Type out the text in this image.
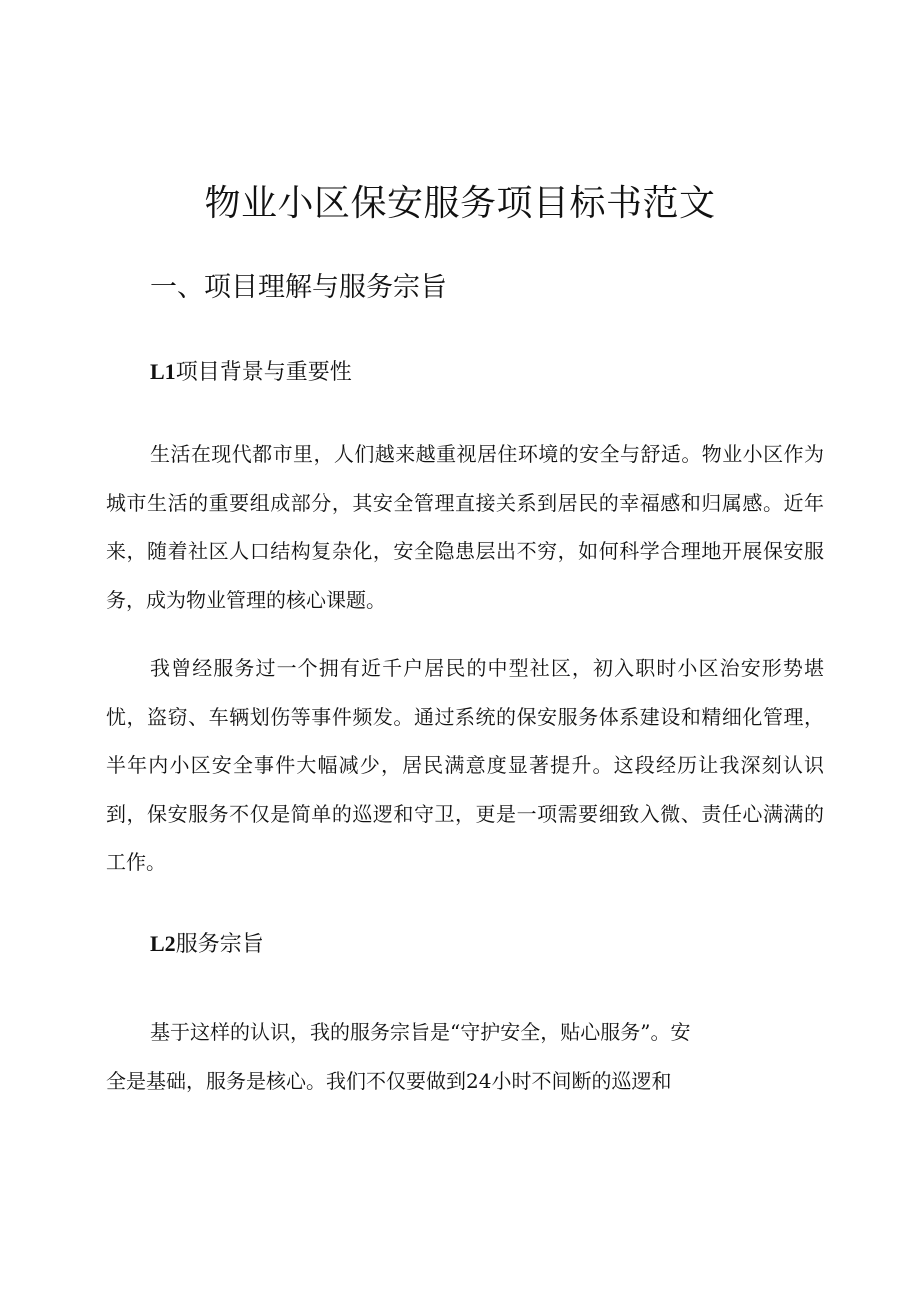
物业小区保安服务项目标书范文
一、项目理解与服务宗旨
L1项目背景与重要性

生活在现代都市里，人们越来越重视居住环境的安全与舒适。物业小区作为城市生活的重要组成部分，其安全管理直接关系到居民的幸福感和归属感。近年来，随着社区人口结构复杂化，安全隐患层出不穷，如何科学合理地开展保安服务，成为物业管理的核心课题。

我曾经服务过一个拥有近千户居民的中型社区，初入职时小区治安形势堪忧，盗窃、车辆划伤等事件频发。通过系统的保安服务体系建设和精细化管理，半年内小区安全事件大幅减少，居民满意度显著提升。这段经历让我深刻认识到，保安服务不仅是简单的巡逻和守卫，更是一项需要细致入微、责任心满满的工作。

L2服务宗旨
基于这样的认识，我的服务宗旨是“守护安全，贴心服务”。安
全是基础，服务是核心。我们不仅要做到24小时不间断的巡逻和
